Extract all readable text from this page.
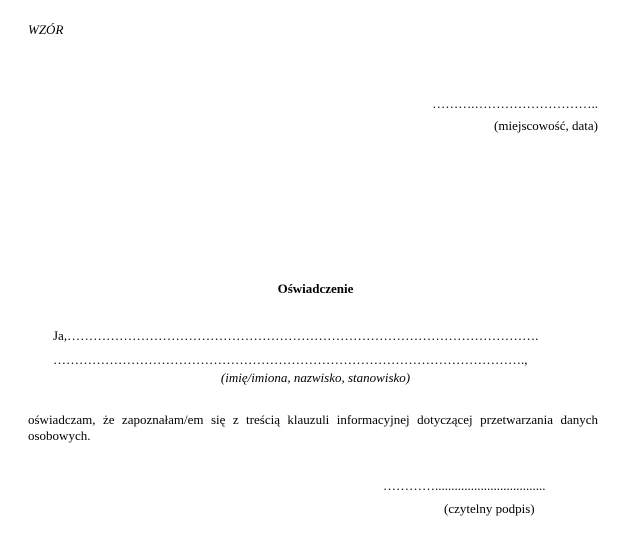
WZÓR
……….………………………..
(miejscowość, data)
Oświadczenie
Ja,……………………………………………………………………………………………….
……………………………………………………………………………………………….,
(imię/imiona, nazwisko, stanowisko)
oświadczam, że zapoznałam/em się z treścią klauzuli informacyjnej dotyczącej przetwarzania danych osobowych.
…………..................................
(czytelny podpis)
